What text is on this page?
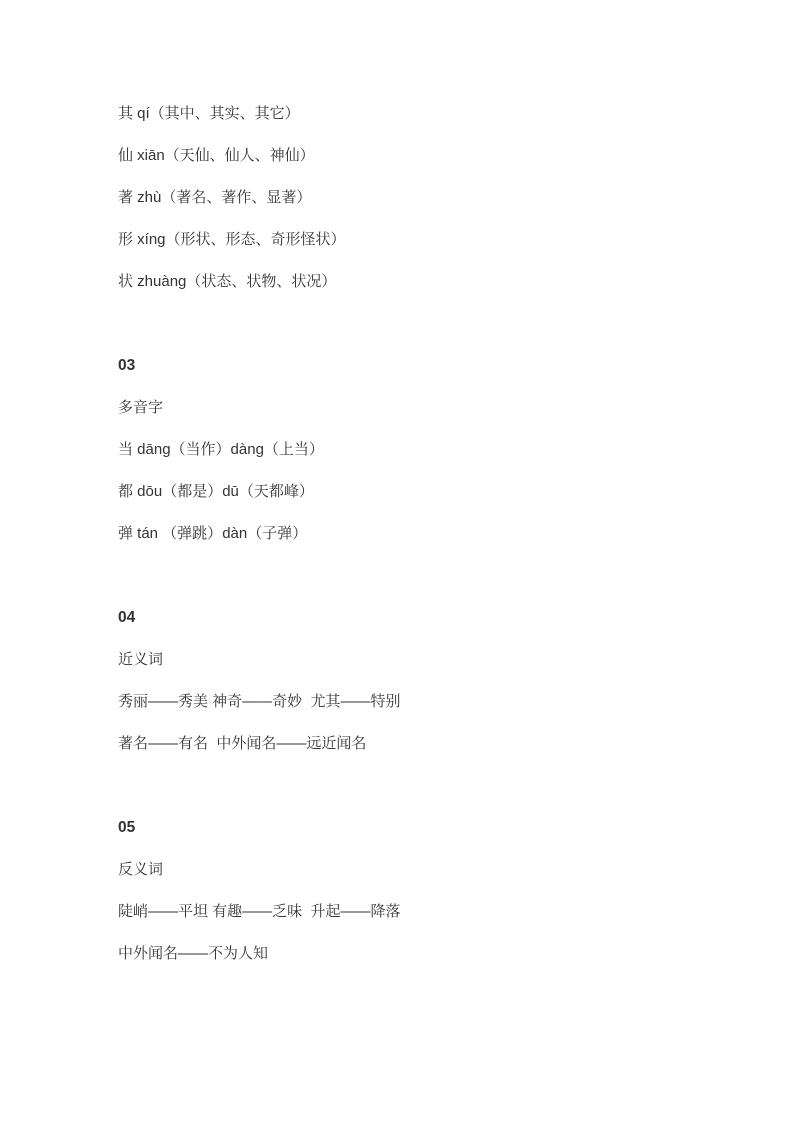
其 qí（其中、其实、其它）

仙 xiān（天仙、仙人、神仙）

著 zhù（著名、著作、显著）

形 xíng（形状、形态、奇形怪状）

状 zhuàng（状态、状物、状况）

03

多音字

当 dāng（当作）dàng（上当）

都 dōu（都是）dū（天都峰）

弹 tán （弹跳）dàn（子弹）

04

近义词

秀丽——秀美 神奇——奇妙  尤其——特别

著名——有名  中外闻名——远近闻名

05

反义词

陡峭——平坦 有趣——乏味  升起——降落

中外闻名——不为人知
